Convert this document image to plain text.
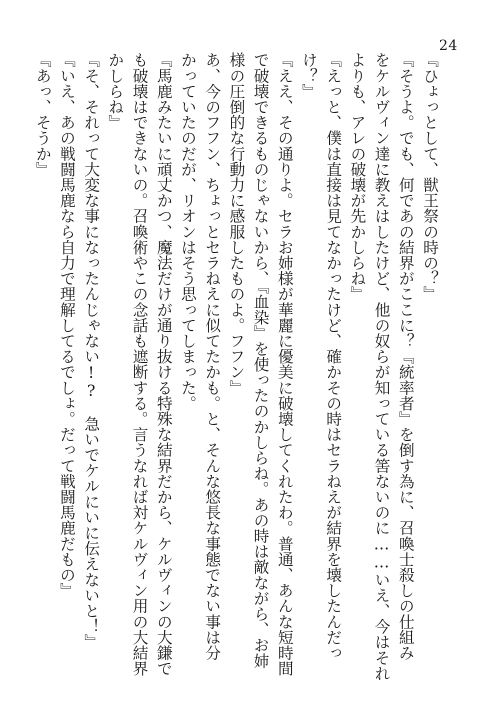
24
『ひょっとして、獣王祭の時の？』
『そうよ。でも、何であの結界がここに？『統率者』を倒す為に、召喚士殺しの仕組み
をケルヴィン達に教えはしたけど、他の奴らが知っている筈ないのに……いえ、今はそれ
よりも、アレの破壊が先かしらね』
『えっと、僕は直接は見てなかったけど、確かその時はセラねえが結界を壊したんだっ
け？』
『ええ、その通りよ。セラお姉様が華麗に優美に破壊してくれたわ。普通、あんな短時間
で破壊できるものじゃないから、『血染』を使ったのかしらね。あの時は敵ながら、お姉
様の圧倒的な行動力に感服したものよ。フフン』
あ、今のフフン、ちょっとセラねえに似てたかも。と、そんな悠長な事態でない事は分
かっていたのだが、リオンはそう思ってしまった。
『馬鹿みたいに頑丈かつ、魔法だけが通り抜ける特殊な結界だから、ケルヴィンの大鎌で
も破壊はできないの。召喚術やこの念話も遮断する。言うなれば対ケルヴィン用の大結界
かしらね』
『そ、それって大変な事になったんじゃない!?　急いでケルにいに伝えないと！』
『いえ、あの戦闘馬鹿なら自力で理解してるでしょ。だって戦闘馬鹿だもの』
『あっ、そうか』
